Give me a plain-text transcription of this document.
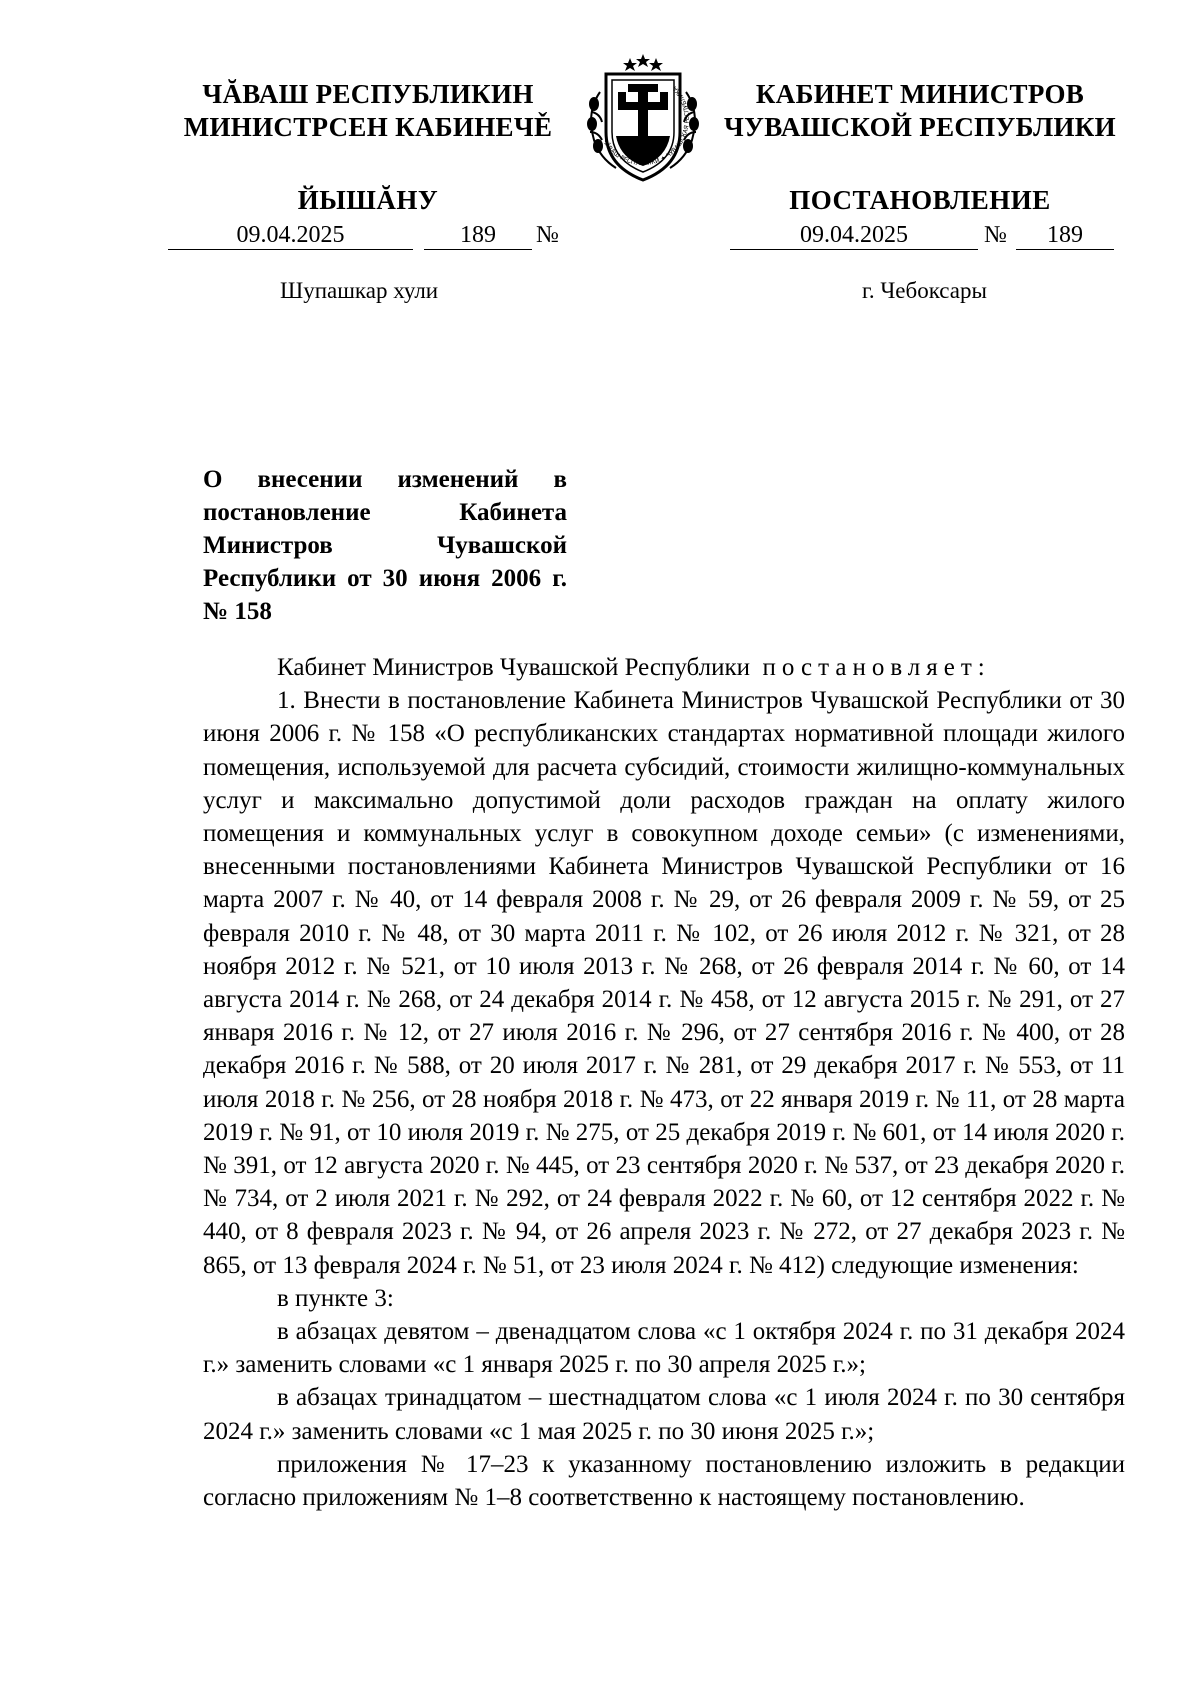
ЧĂВАШ РЕСПУБЛИКИН
МИНИСТРСЕН КАБИНЕЧĚ
ЙЫШĂНУ
ЧĂВАШ РЕСПУБЛИКИ ✦ ЧУВАШСКАЯ РЕСПУБЛИКА	КАБИНЕТ МИНИСТРОВ
ЧУВАШСКОЙ РЕСПУБЛИКИ
ПОСТАНОВЛЕНИЕ
09.04.2025	189	№	09.04.2025	№	189
Шупашкар хули	г. Чебоксары
О внесении изменений в постановление Кабинета Министров Чувашской Республики от 30 июня 2006 г. № 158

Кабинет Министров Чувашской Республики постановляет:

1. Внести в постановление Кабинета Министров Чувашской Республики от 30 июня 2006 г. № 158 «О республиканских стандартах нормативной площади жилого помещения, используемой для расчета субсидий, стоимости жилищно-коммунальных услуг и максимально допустимой доли расходов граждан на оплату жилого помещения и коммунальных услуг в совокупном доходе семьи» (с изменениями, внесенными постановлениями Кабинета Министров Чувашской Республики от 16 марта 2007 г. № 40, от 14 февраля 2008 г. № 29, от 26 февраля 2009 г. № 59, от 25 февраля 2010 г. № 48, от 30 марта 2011 г. № 102, от 26 июля 2012 г. № 321, от 28 ноября 2012 г. № 521, от 10 июля 2013 г. № 268, от 26 февраля 2014 г. № 60, от 14 августа 2014 г. № 268, от 24 декабря 2014 г. № 458, от 12 августа 2015 г. № 291, от 27 января 2016 г. № 12, от 27 июля 2016 г. № 296, от 27 сентября 2016 г. № 400, от 28 декабря 2016 г. № 588, от 20 июля 2017 г. № 281, от 29 декабря 2017 г. № 553, от 11 июля 2018 г. № 256, от 28 ноября 2018 г. № 473, от 22 января 2019 г. № 11, от 28 марта 2019 г. № 91, от 10 июля 2019 г. № 275, от 25 декабря 2019 г. № 601, от 14 июля 2020 г. № 391, от 12 августа 2020 г. № 445, от 23 сентября 2020 г. № 537, от 23 декабря 2020 г. № 734, от 2 июля 2021 г. № 292, от 24 февраля 2022 г. № 60, от 12 сентября 2022 г. № 440, от 8 февраля 2023 г. № 94, от 26 апреля 2023 г. № 272, от 27 декабря 2023 г. № 865, от 13 февраля 2024 г. № 51, от 23 июля 2024 г. № 412) следующие изменения:

в пункте 3:

в абзацах девятом – двенадцатом слова «с 1 октября 2024 г. по 31 декабря 2024 г.» заменить словами «с 1 января 2025 г. по 30 апреля 2025 г.»;

в абзацах тринадцатом – шестнадцатом слова «с 1 июля 2024 г. по 30 сентября 2024 г.» заменить словами «с 1 мая 2025 г. по 30 июня 2025 г.»;

приложения № 17–23 к указанному постановлению изложить в редакции согласно приложениям № 1–8 соответственно к настоящему постановлению.
